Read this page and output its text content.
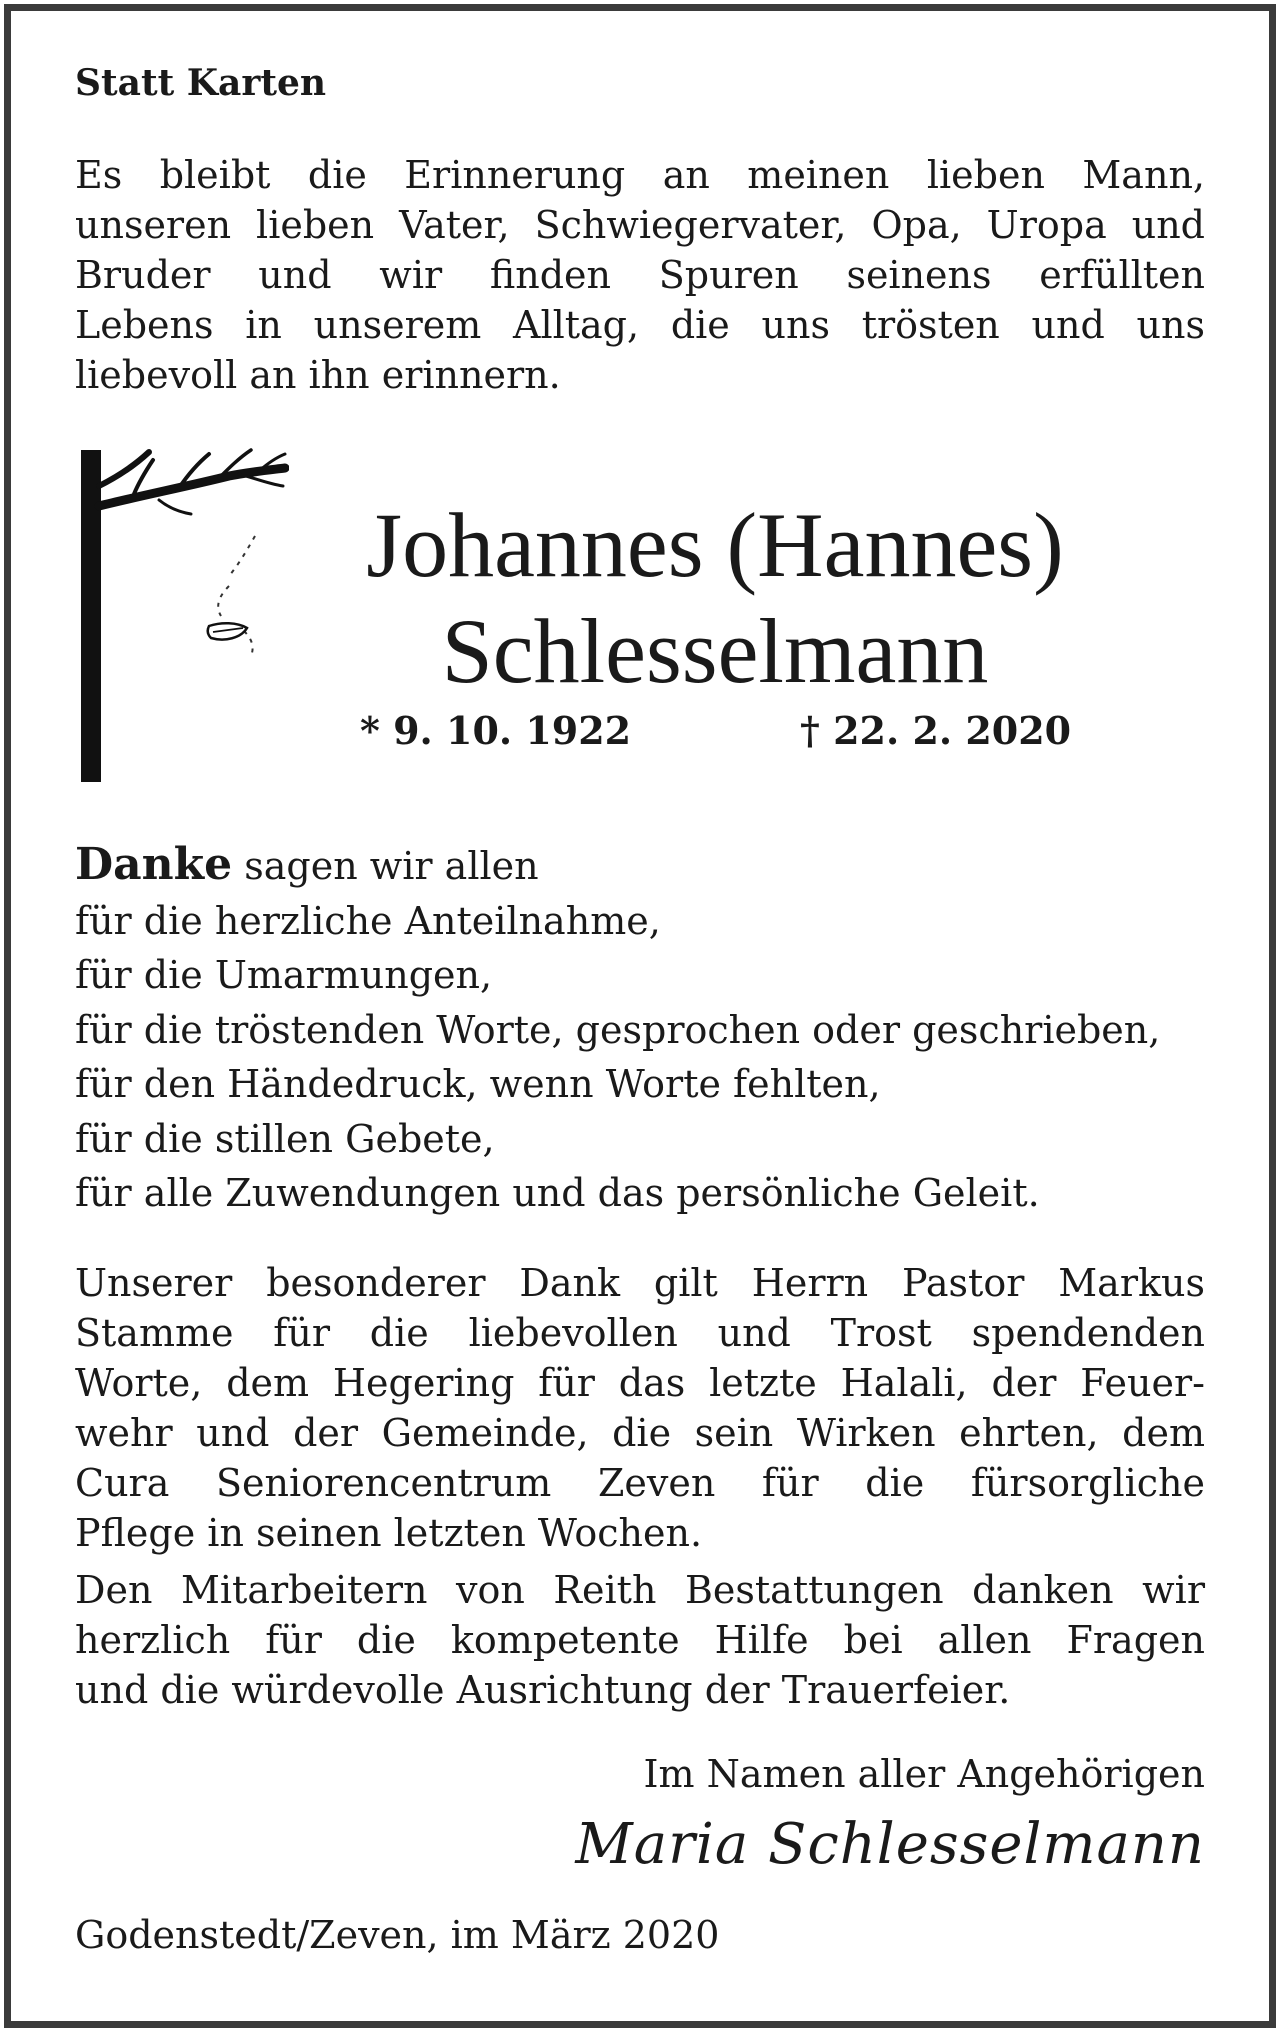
Statt Karten
Es bleibt die Erinnerung an meinen lieben Mann,
unseren lieben Vater, Schwiegervater, Opa, Uropa und
Bruder und wir finden Spuren seinens erfüllten
Lebens in unserem Alltag, die uns trösten und uns
liebevoll an ihn erinnern.
Johannes (Hannes)
Schlesselmann
* 9. 10. 1922	† 22. 2. 2020
Danke sagen wir allen
für die herzliche Anteilnahme,
für die Umarmungen,
für die tröstenden Worte, gesprochen oder geschrieben,
für den Händedruck, wenn Worte fehlten,
für die stillen Gebete,
für alle Zuwendungen und das persönliche Geleit.
Unserer besonderer Dank gilt Herrn Pastor Markus
Stamme für die liebevollen und Trost spendenden
Worte, dem Hegering für das letzte Halali, der Feuer-
wehr und der Gemeinde, die sein Wirken ehrten, dem
Cura Seniorencentrum Zeven für die fürsorgliche
Pflege in seinen letzten Wochen.
Den Mitarbeitern von Reith Bestattungen danken wir
herzlich für die kompetente Hilfe bei allen Fragen
und die würdevolle Ausrichtung der Trauerfeier.
Im Namen aller Angehörigen
Maria Schlesselmann
Godenstedt/Zeven, im März 2020
